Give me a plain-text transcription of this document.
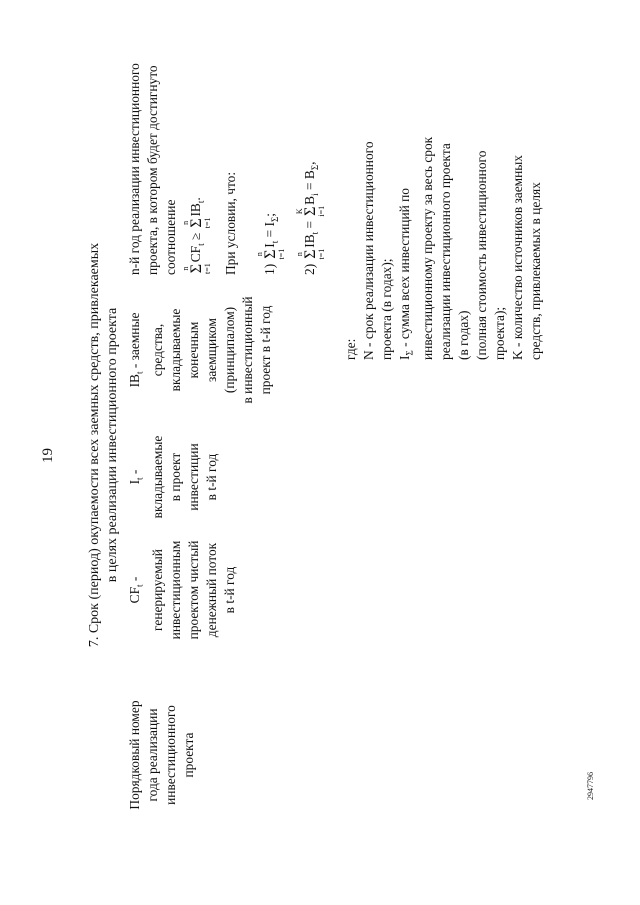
19 7. Срок (период) окупаемости всех заемных средств, привлекаемых в целях реализации инвестиционного проекта
Порядковый номер года реализации инвестиционного проекта
$CF_t$ - генерируемый инвестиционным проектом чистый денежный поток в t-й год
$I_t$ - вкладываемые в проект инвестиции в t-й год
$IB_t$ - заемные средства, вкладываемые конечным заемщиком (принципалом) в инвестиционный проект в t-й год
n-й год реализации инвестиционного проекта, в котором будет достигнуто соотношение n
Σ
t=1
$CF_t$ ≥
n
Σ
t=1
$IB_t$.	При условии, что:	1)
n
Σ
t=1
$I_t = I_\Sigma$;
2)
n
Σ
t=1
$IB_t$ =
K
Σ
i=1
$B_i = B_\Sigma$,
где: N - срок реализации инвестиционного проекта (в годах); $I_\Sigma$ - сумма всех инвестиций по инвестиционному проекту за весь срок реализации инвестиционного проекта (в годах) (полная стоимость инвестиционного проекта); K - количество источников заемных средств, привлекаемых в целях
2947796
